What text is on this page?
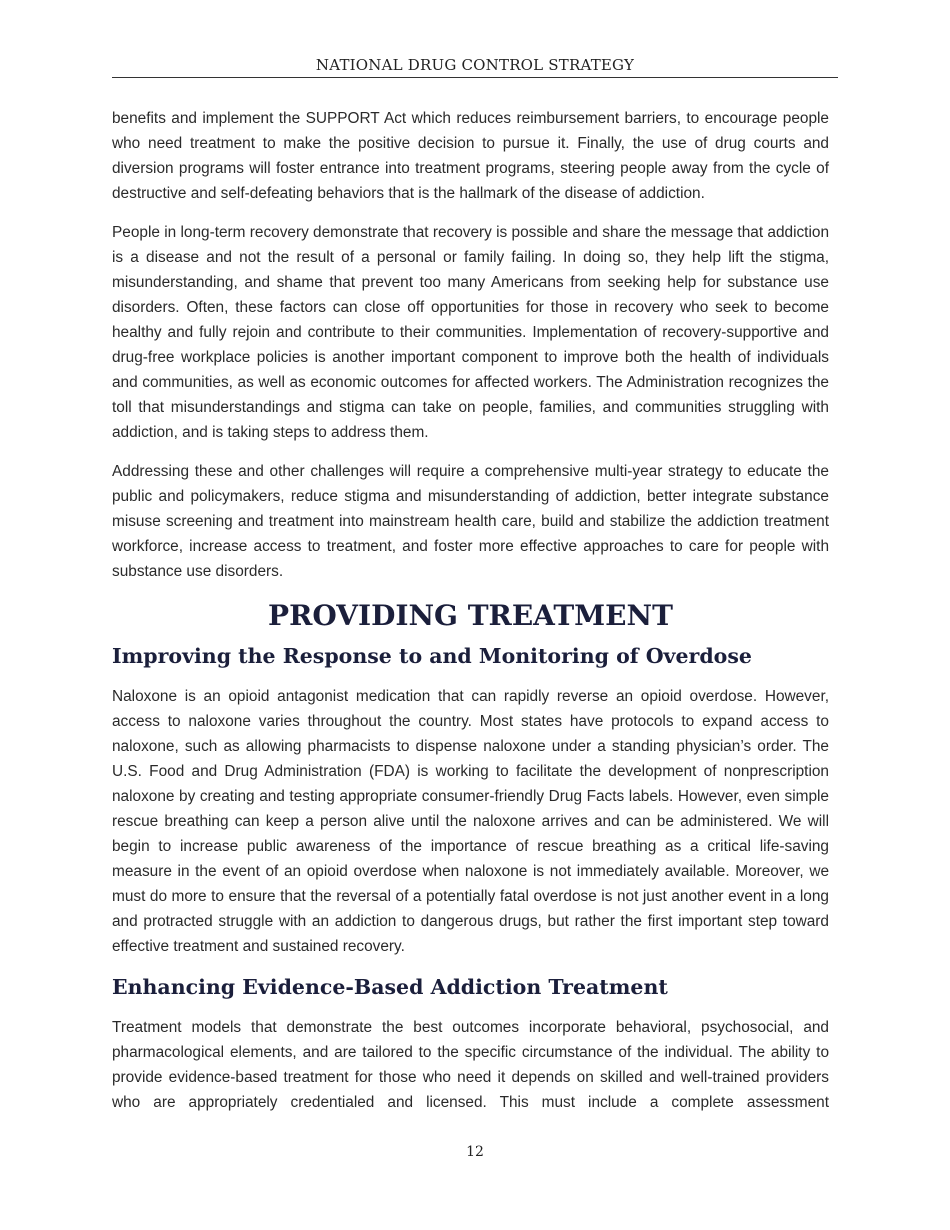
NATIONAL DRUG CONTROL STRATEGY

benefits and implement the SUPPORT Act which reduces reimbursement barriers, to encourage people who need treatment to make the positive decision to pursue it. Finally, the use of drug courts and diversion programs will foster entrance into treatment programs, steering people away from the cycle of destructive and self-defeating behaviors that is the hallmark of the disease of addiction.

People in long-term recovery demonstrate that recovery is possible and share the message that addiction is a disease and not the result of a personal or family failing. In doing so, they help lift the stigma, misunderstanding, and shame that prevent too many Americans from seeking help for substance use disorders. Often, these factors can close off opportunities for those in recovery who seek to become healthy and fully rejoin and contribute to their communities. Implementation of recovery-supportive and drug-free workplace policies is another important component to improve both the health of individuals and communities, as well as economic outcomes for affected workers. The Administration recognizes the toll that misunderstandings and stigma can take on people, families, and communities struggling with addiction, and is taking steps to address them.

Addressing these and other challenges will require a comprehensive multi-year strategy to educate the public and policymakers, reduce stigma and misunderstanding of addiction, better integrate substance misuse screening and treatment into mainstream health care, build and stabilize the addiction treatment workforce, increase access to treatment, and foster more effective approaches to care for people with substance use disorders.

PROVIDING TREATMENT
Improving the Response to and Monitoring of Overdose

Naloxone is an opioid antagonist medication that can rapidly reverse an opioid overdose. However, access to naloxone varies throughout the country. Most states have protocols to expand access to naloxone, such as allowing pharmacists to dispense naloxone under a standing physician’s order. The U.S. Food and Drug Administration (FDA) is working to facilitate the development of nonprescription naloxone by creating and testing appropriate consumer-friendly Drug Facts labels. However, even simple rescue breathing can keep a person alive until the naloxone arrives and can be administered. We will begin to increase public awareness of the importance of rescue breathing as a critical life-saving measure in the event of an opioid overdose when naloxone is not immediately available. Moreover, we must do more to ensure that the reversal of a potentially fatal overdose is not just another event in a long and protracted struggle with an addiction to dangerous drugs, but rather the first important step toward effective treatment and sustained recovery.

Enhancing Evidence-Based Addiction Treatment

Treatment models that demonstrate the best outcomes incorporate behavioral, psychosocial, and pharmacological elements, and are tailored to the specific circumstance of the individual. The ability to provide evidence-based treatment for those who need it depends on skilled and well-trained providers who are appropriately credentialed and licensed. This must include a complete assessment

12
